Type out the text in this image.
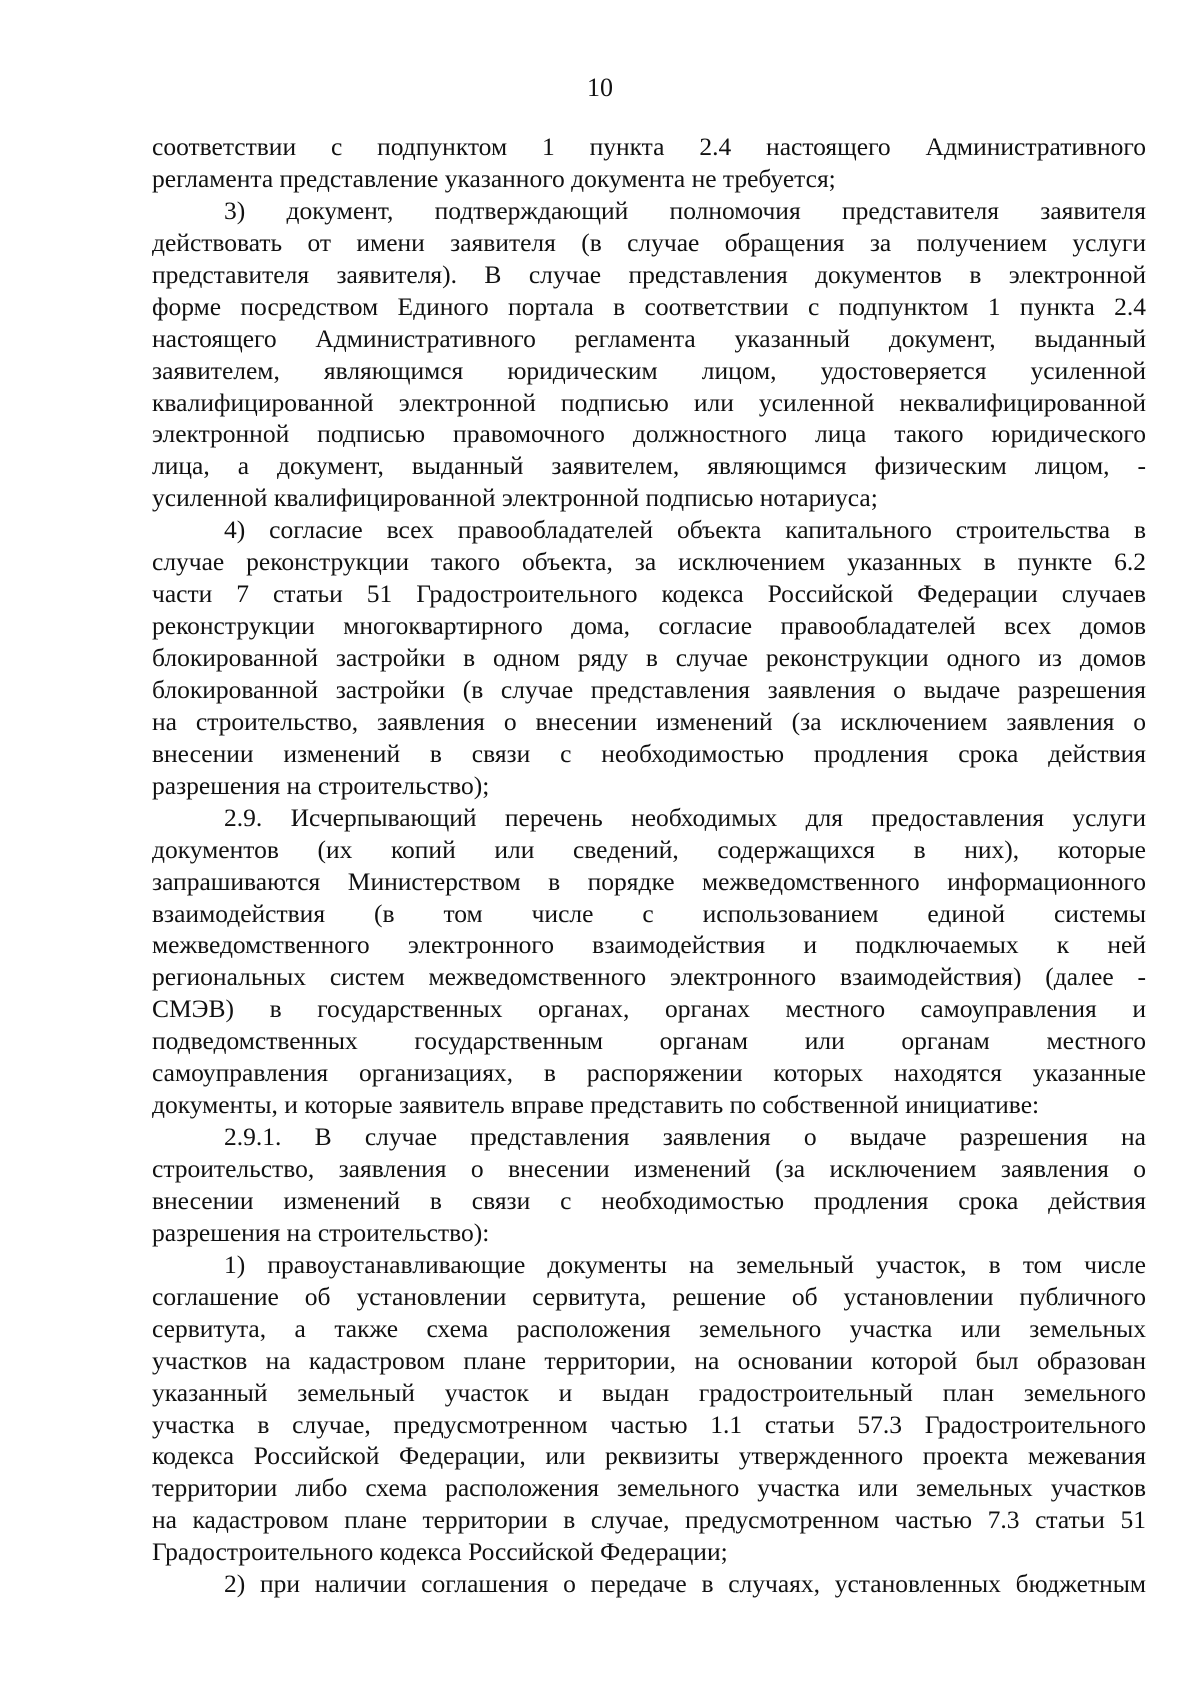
10
соответствии с подпунктом 1 пункта 2.4 настоящего Административного
регламента представление указанного документа не требуется;
3) документ, подтверждающий полномочия представителя заявителя
действовать от имени заявителя (в случае обращения за получением услуги
представителя заявителя). В случае представления документов в электронной
форме посредством Единого портала в соответствии с подпунктом 1 пункта 2.4
настоящего Административного регламента указанный документ, выданный
заявителем, являющимся юридическим лицом, удостоверяется усиленной
квалифицированной электронной подписью или усиленной неквалифицированной
электронной подписью правомочного должностного лица такого юридического
лица, а документ, выданный заявителем, являющимся физическим лицом, -
усиленной квалифицированной электронной подписью нотариуса;
4) согласие всех правообладателей объекта капитального строительства в
случае реконструкции такого объекта, за исключением указанных в пункте 6.2
части 7 статьи 51 Градостроительного кодекса Российской Федерации случаев
реконструкции многоквартирного дома, согласие правообладателей всех домов
блокированной застройки в одном ряду в случае реконструкции одного из домов
блокированной застройки (в случае представления заявления о выдаче разрешения
на строительство, заявления о внесении изменений (за исключением заявления о
внесении изменений в связи с необходимостью продления срока действия
разрешения на строительство);
2.9. Исчерпывающий перечень необходимых для предоставления услуги
документов (их копий или сведений, содержащихся в них), которые
запрашиваются Министерством в порядке межведомственного информационного
взаимодействия (в том числе с использованием единой системы
межведомственного электронного взаимодействия и подключаемых к ней
региональных систем межведомственного электронного взаимодействия) (далее -
СМЭВ) в государственных органах, органах местного самоуправления и
подведомственных государственным органам или органам местного
самоуправления организациях, в распоряжении которых находятся указанные
документы, и которые заявитель вправе представить по собственной инициативе:
2.9.1. В случае представления заявления о выдаче разрешения на
строительство, заявления о внесении изменений (за исключением заявления о
внесении изменений в связи с необходимостью продления срока действия
разрешения на строительство):
1) правоустанавливающие документы на земельный участок, в том числе
соглашение об установлении сервитута, решение об установлении публичного
сервитута, а также схема расположения земельного участка или земельных
участков на кадастровом плане территории, на основании которой был образован
указанный земельный участок и выдан градостроительный план земельного
участка в случае, предусмотренном частью 1.1 статьи 57.3 Градостроительного
кодекса Российской Федерации, или реквизиты утвержденного проекта межевания
территории либо схема расположения земельного участка или земельных участков
на кадастровом плане территории в случае, предусмотренном частью 7.3 статьи 51
Градостроительного кодекса Российской Федерации;
2) при наличии соглашения о передаче в случаях, установленных бюджетным
